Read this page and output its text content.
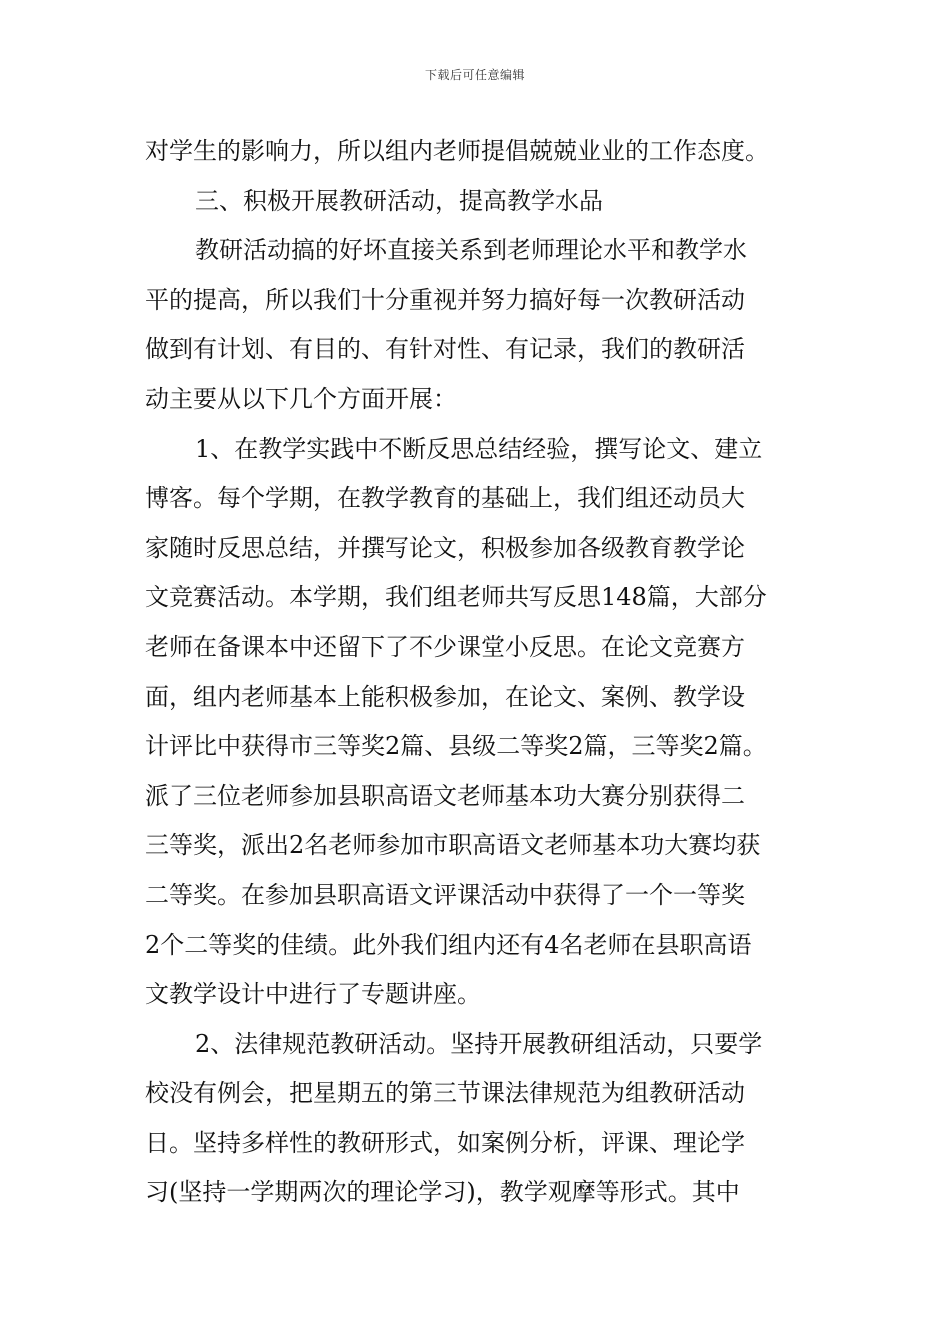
下载后可任意编辑
对学生的影响力，所以组内老师提倡兢兢业业的工作态度。
三、积极开展教研活动，提高教学水品
教研活动搞的好坏直接关系到老师理论水平和教学水
平的提高，所以我们十分重视并努力搞好每一次教研活动
做到有计划、有目的、有针对性、有记录，我们的教研活
动主要从以下几个方面开展：
1、在教学实践中不断反思总结经验，撰写论文、建立
博客。每个学期，在教学教育的基础上，我们组还动员大
家随时反思总结，并撰写论文，积极参加各级教育教学论
文竞赛活动。本学期，我们组老师共写反思148篇，大部分
老师在备课本中还留下了不少课堂小反思。在论文竞赛方
面，组内老师基本上能积极参加，在论文、案例、教学设
计评比中获得市三等奖2篇、县级二等奖2篇，三等奖2篇。
派了三位老师参加县职高语文老师基本功大赛分别获得二
三等奖，派出2名老师参加市职高语文老师基本功大赛均获
二等奖。在参加县职高语文评课活动中获得了一个一等奖
2个二等奖的佳绩。此外我们组内还有4名老师在县职高语
文教学设计中进行了专题讲座。
2、法律规范教研活动。坚持开展教研组活动，只要学
校没有例会，把星期五的第三节课法律规范为组教研活动
日。坚持多样性的教研形式，如案例分析，评课、理论学
习(坚持一学期两次的理论学习)，教学观摩等形式。其中
